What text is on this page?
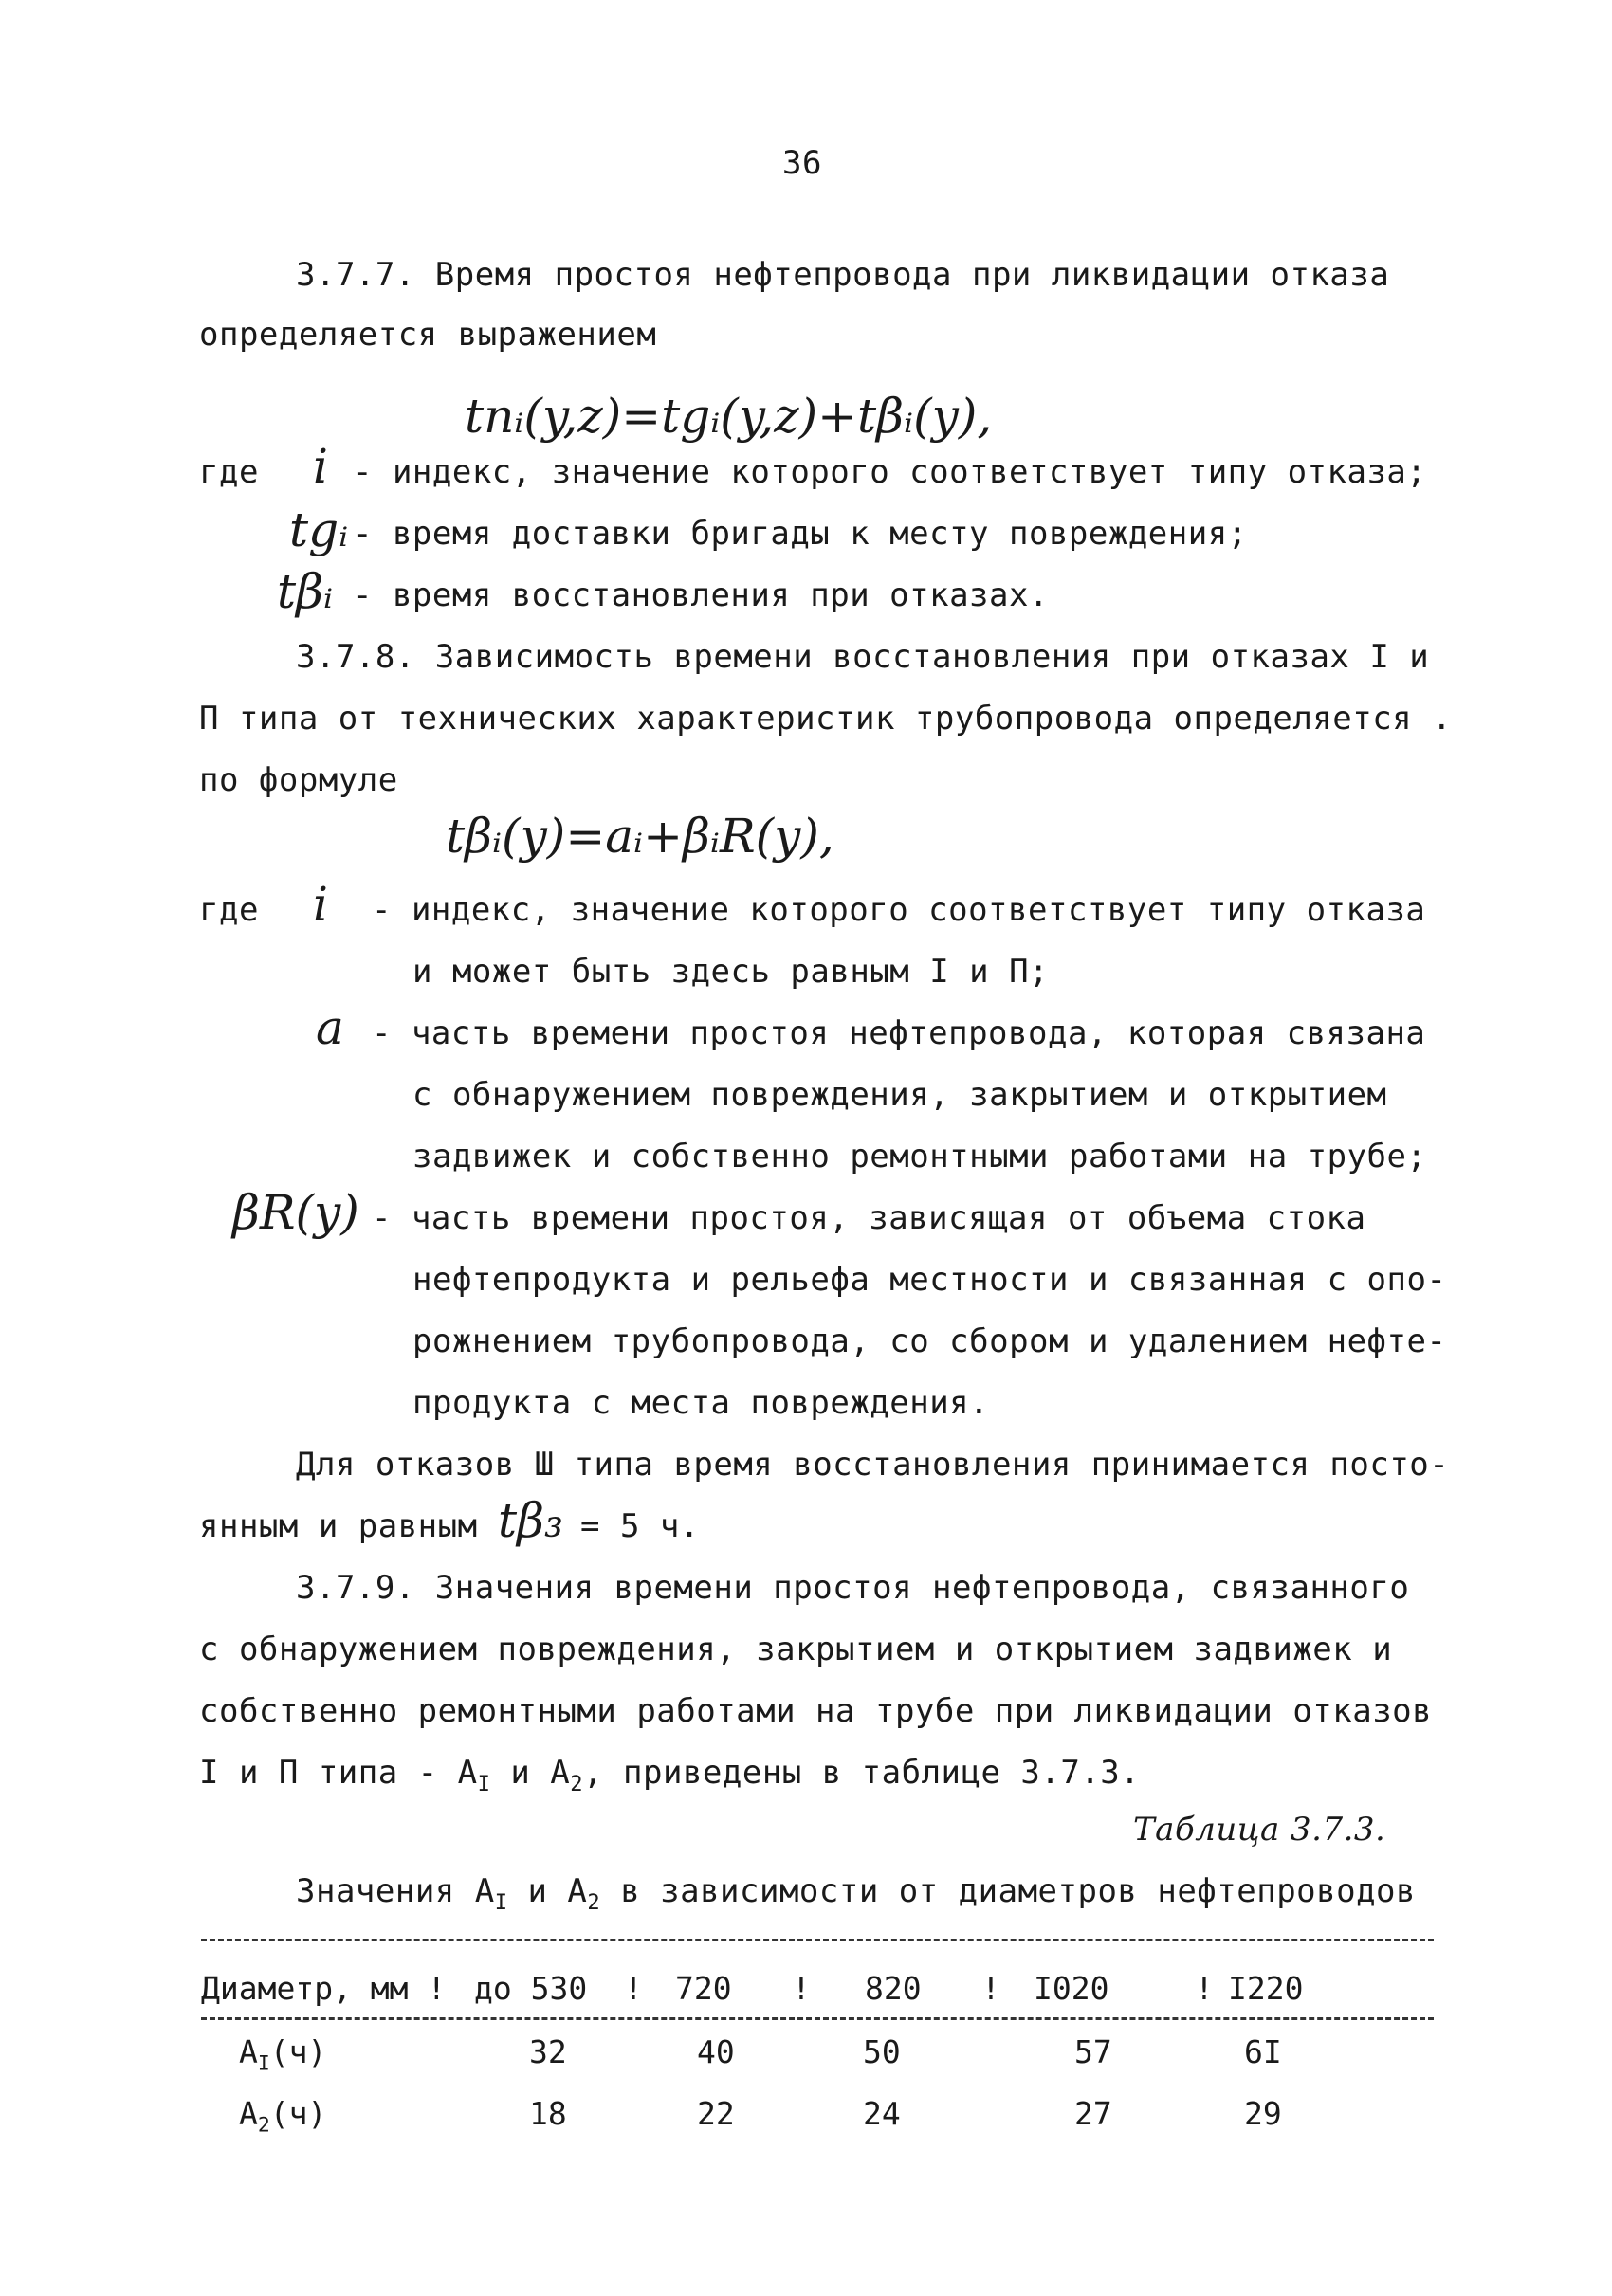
36
3.7.7. Время простоя нефтепровода при ликвидации отказа
определяется выражением
tnᵢ(y,z)=tgᵢ(y,z)+tβᵢ(y),
где i - индекс, значение которого соответствует типу отказа;
tgᵢ - время доставки бригады к месту повреждения;
tβᵢ - время восстановления при отказах.
3.7.8. Зависимость времени восстановления при отказах I и
П типа от технических характеристик трубопровода определяется .
по формуле
tβᵢ(y)=aᵢ+βᵢR(y),
где i - индекс, значение которого соответствует типу отказа
и может быть здесь равным I и П;
a - часть времени простоя нефтепровода, которая связана
с обнаружением повреждения, закрытием и открытием
задвижек и собственно ремонтными работами на трубе;
βR(y) - часть времени простоя, зависящая от объема стока
нефтепродукта и рельефа местности и связанная с опо-
рожнением трубопровода, со сбором и удалением нефте-
продукта с места повреждения.
Для отказов Ш типа время восстановления принимается посто-
янным и равным tβ₃ = 5 ч.
3.7.9. Значения времени простоя нефтепровода, связанного
с обнаружением повреждения, закрытием и открытием задвижек и
собственно ремонтными работами на трубе при ликвидации отказов
I и П типа - $A_I$ и $A_2$, приведены в таблице 3.7.3.
Таблица 3.7.3.
Значения $A_I$ и $A_2$ в зависимости от диаметров нефтепроводов
Диаметр, мм ! до 530 ! 720 ! 820 ! I020	! I220
$A_I(ч)$	32	40	50	57	6I
$A_2(ч)$	18	22	24	27	29
